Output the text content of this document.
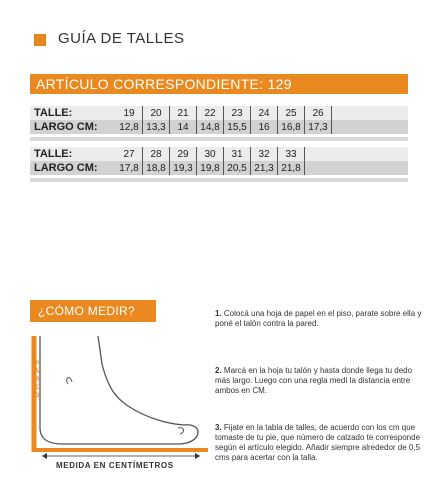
GUÍA DE TALLES
ARTÍCULO CORRESPONDIENTE: 129
TALLE:	19	20	21	22	23	24	25	26	
LARGO CM:	12,8	13,3	14	14,8	15,5	16	16,8	17,3	
TALLE:	27	28	29	30	31	32	33	
LARGO CM:	17,8	18,8	19,3	19,8	20,5	21,3	21,8	
¿CÓMO MEDIR?
P
A
R
E
D
MEDIDA EN CENTÍMETROS
1. Colocá una hoja de papel en el piso, parate sobre ella y poné el talón contra la pared.
2. Marcá en la hoja tu talón y hasta donde llega tu dedo más largo. Luego con una regla medí la distancia entre ambos en CM.
3. Fijate en la tabla de talles, de acuerdo con los cm que tomaste de tu pie, que número de calzado te corresponde según el artículo elegido. Añadir siempre alrededor de 0,5 cms para acertar con la talla.
